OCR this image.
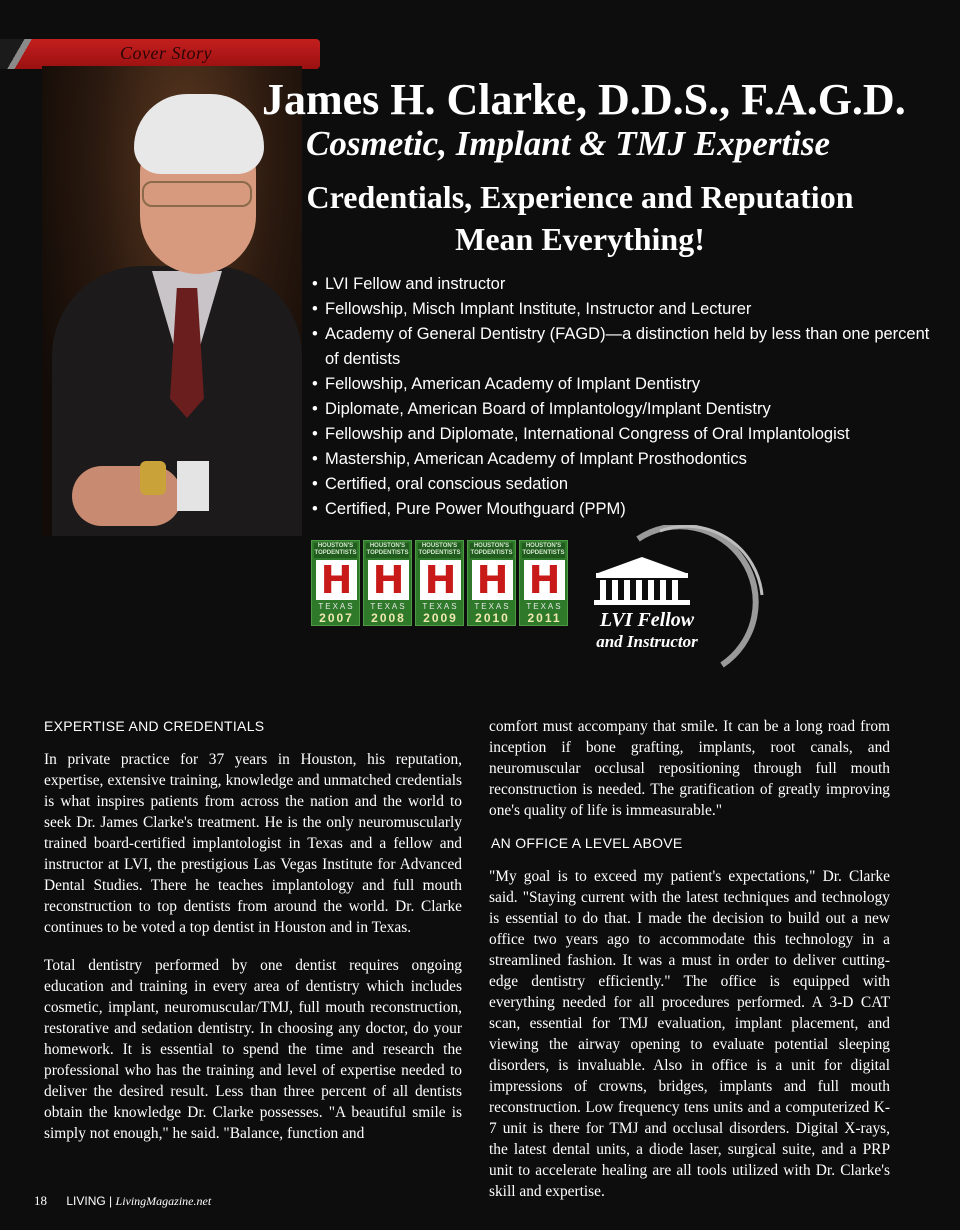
Cover Story
James H. Clarke, D.D.S., F.A.G.D.
Cosmetic, Implant & TMJ Expertise
Credentials, Experience and Reputation
Mean Everything!
• LVI Fellow and instructor
• Fellowship, Misch Implant Institute, Instructor and Lecturer
• Academy of General Dentistry (FAGD)—a distinction held by less than one percent of dentists
• Fellowship, American Academy of Implant Dentistry
• Diplomate, American Board of Implantology/Implant Dentistry
• Fellowship and Diplomate, International Congress of Oral Implantologist
• Mastership, American Academy of Implant Prosthodontics
• Certified, oral conscious sedation
• Certified, Pure Power Mouthguard (PPM)
HOUSTON'S TOPDENTISTS
H
TEXAS
2007
HOUSTON'S TOPDENTISTS
H
TEXAS
2008
HOUSTON'S TOPDENTISTS
H
TEXAS
2009
HOUSTON'S TOPDENTISTS
H
TEXAS
2010
HOUSTON'S TOPDENTISTS
H
TEXAS
2011	LVI Fellow
and Instructor
EXPERTISE AND CREDENTIALS

In private practice for 37 years in Houston, his reputation, expertise, extensive training, knowledge and unmatched credentials is what inspires patients from across the nation and the world to seek Dr. James Clarke's treatment. He is the only neuromuscularly trained board-certified implantologist in Texas and a fellow and instructor at LVI, the prestigious Las Vegas Institute for Advanced Dental Studies. There he teaches implantology and full mouth reconstruction to top dentists from around the world. Dr. Clarke continues to be voted a top dentist in Houston and in Texas.

Total dentistry performed by one dentist requires ongoing education and training in every area of dentistry which includes cosmetic, implant, neuromuscular/TMJ, full mouth reconstruction, restorative and sedation dentistry. In choosing any doctor, do your homework. It is essential to spend the time and research the professional who has the training and level of expertise needed to deliver the desired result. Less than three percent of all dentists obtain the knowledge Dr. Clarke possesses. "A beautiful smile is simply not enough," he said. "Balance, function and

comfort must accompany that smile. It can be a long road from inception if bone grafting, implants, root canals, and neuromuscular occlusal repositioning through full mouth reconstruction is needed. The gratification of greatly improving one's quality of life is immeasurable."

AN OFFICE A LEVEL ABOVE

"My goal is to exceed my patient's expectations," Dr. Clarke said. "Staying current with the latest techniques and technology is essential to do that. I made the decision to build out a new office two years ago to accommodate this technology in a streamlined fashion. It was a must in order to deliver cutting-edge dentistry efficiently." The office is equipped with everything needed for all procedures performed. A 3-D CAT scan, essential for TMJ evaluation, implant placement, and viewing the airway opening to evaluate potential sleeping disorders, is invaluable. Also in office is a unit for digital impressions of crowns, bridges, implants and full mouth reconstruction. Low frequency tens units and a computerized K-7 unit is there for TMJ and occlusal disorders. Digital X-rays, the latest dental units, a diode laser, surgical suite, and a PRP unit to accelerate healing are all tools utilized with Dr. Clarke's skill and expertise.

18 LIVING | LivingMagazine.net
